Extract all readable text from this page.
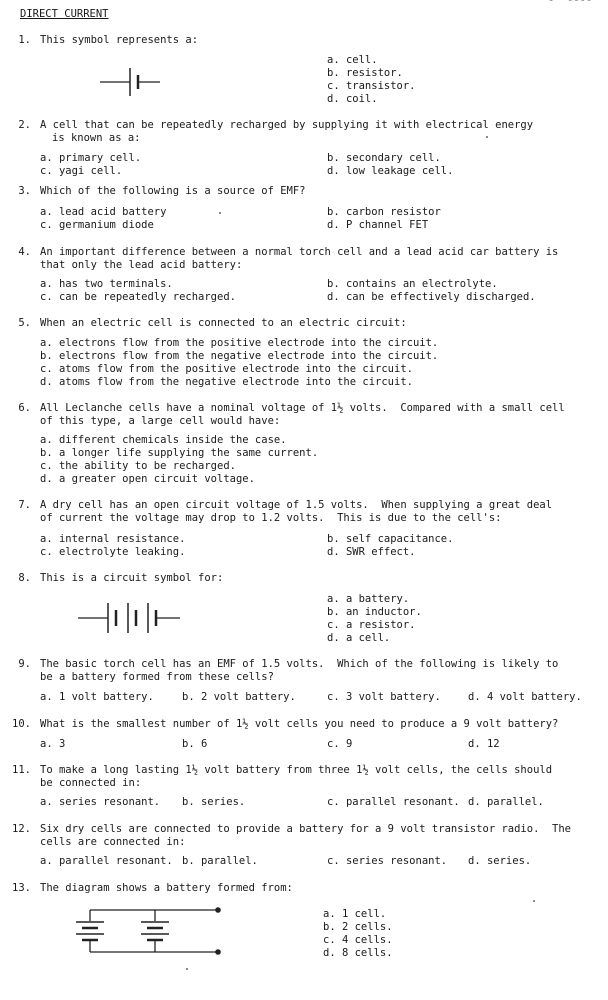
DIRECT CURRENT
-  ----
1. This symbol represents a:
a. cell.
b. resistor.
c. transistor.
d. coil.
2. A cell that can be repeatedly recharged by supplying it with electrical energy
is known as a:
a. primary cell.	b. secondary cell.
c. yagi cell.	d. low leakage cell.
3. Which of the following is a source of EMF?
a. lead acid battery	b. carbon resistor
c. germanium diode	d. P channel FET
4. An important difference between a normal torch cell and a lead acid car battery is
that only the lead acid battery:
a. has two terminals.	b. contains an electrolyte.
c. can be repeatedly recharged.	d. can be effectively discharged.
5. When an electric cell is connected to an electric circuit:
a. electrons flow from the positive electrode into the circuit.
b. electrons flow from the negative electrode into the circuit.
c. atoms flow from the positive electrode into the circuit.
d. atoms flow from the negative electrode into the circuit.
6. All Leclanche cells have a nominal voltage of 1½ volts.  Compared with a small cell
of this type, a large cell would have:
a. different chemicals inside the case.
b. a longer life supplying the same current.
c. the ability to be recharged.
d. a greater open circuit voltage.
7. A dry cell has an open circuit voltage of 1.5 volts.  When supplying a great deal
of current the voltage may drop to 1.2 volts.  This is due to the cell's:
a. internal resistance.	b. self capacitance.
c. electrolyte leaking.	d. SWR effect.
8. This is a circuit symbol for:
a. a battery.
b. an inductor.
c. a resistor.
d. a cell.
9. The basic torch cell has an EMF of 1.5 volts.  Which of the following is likely to
be a battery formed from these cells?
a. 1 volt battery.	b. 2 volt battery.	c. 3 volt battery.	d. 4 volt battery.
10. What is the smallest number of 1½ volt cells you need to produce a 9 volt battery?
a. 3	b. 6	c. 9	d. 12
11. To make a long lasting 1½ volt battery from three 1½ volt cells, the cells should
be connected in:
a. series resonant. b. series.	c. parallel resonant. d. parallel.
12. Six dry cells are connected to provide a battery for a 9 volt transistor radio.  The
cells are connected in:
a. parallel resonant. b. parallel.	c. series resonant. d. series.
13. The diagram shows a battery formed from:
a. 1 cell.
b. 2 cells.
c. 4 cells.
d. 8 cells.
